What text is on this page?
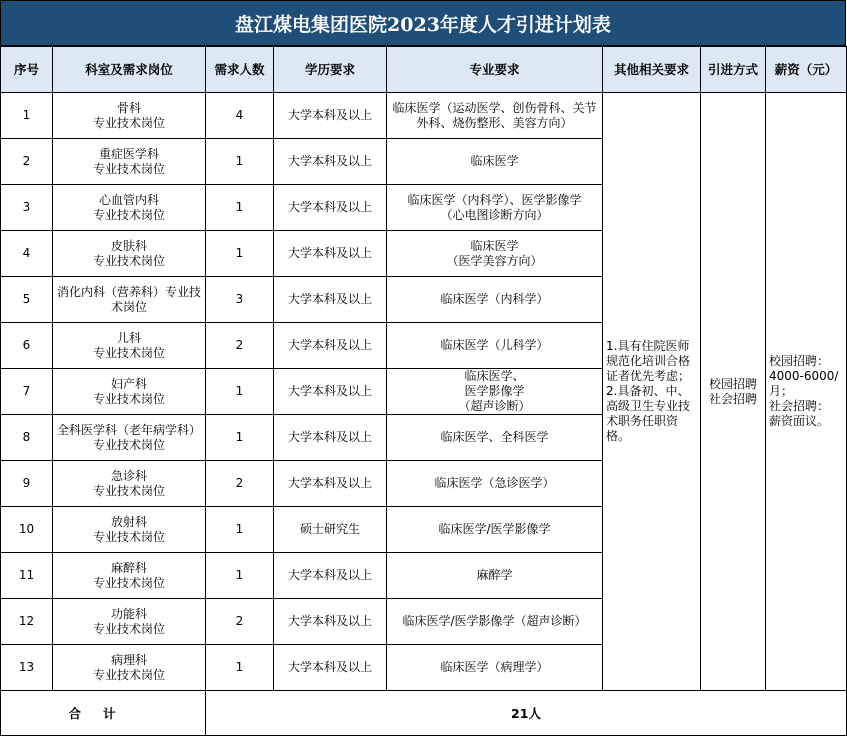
盘江煤电集团医院2023年度人才引进计划表
序号	科室及需求岗位	需求人数	学历要求	专业要求	其他相关要求	引进方式	薪资（元）
1	骨科
专业技术岗位	4	大学本科及以上	临床医学（运动医学、创伤骨科、关节外科、烧伤整形、美容方向）	1.具有住院医师规范化培训合格证者优先考虑；
2.具备初、中、高级卫生专业技术职务任职资格。	校园招聘
社会招聘	校园招聘：
4000-6000/
月；
社会招聘：
薪资面议。
2	重症医学科
专业技术岗位	1	大学本科及以上	临床医学			
3	心血管内科
专业技术岗位	1	大学本科及以上	临床医学（内科学）、医学影像学
（心电图诊断方向）			
4	皮肤科
专业技术岗位	1	大学本科及以上	临床医学
（医学美容方向）			
5	消化内科（营养科）专业技术岗位	3	大学本科及以上	临床医学（内科学）			
6	儿科
专业技术岗位	2	大学本科及以上	临床医学（儿科学）			
7	妇产科
专业技术岗位	1	大学本科及以上	临床医学、
医学影像学
（超声诊断）			
8	全科医学科（老年病学科）专业技术岗位	1	大学本科及以上	临床医学、全科医学			
9	急诊科
专业技术岗位	2	大学本科及以上	临床医学（急诊医学）			
10	放射科
专业技术岗位	1	硕士研究生	临床医学/医学影像学			
11	麻醉科
专业技术岗位	1	大学本科及以上	麻醉学			
12	功能科
专业技术岗位	2	大学本科及以上	临床医学/医学影像学（超声诊断）			
13	病理科
专业技术岗位	1	大学本科及以上	临床医学（病理学）			
合计		21人					
